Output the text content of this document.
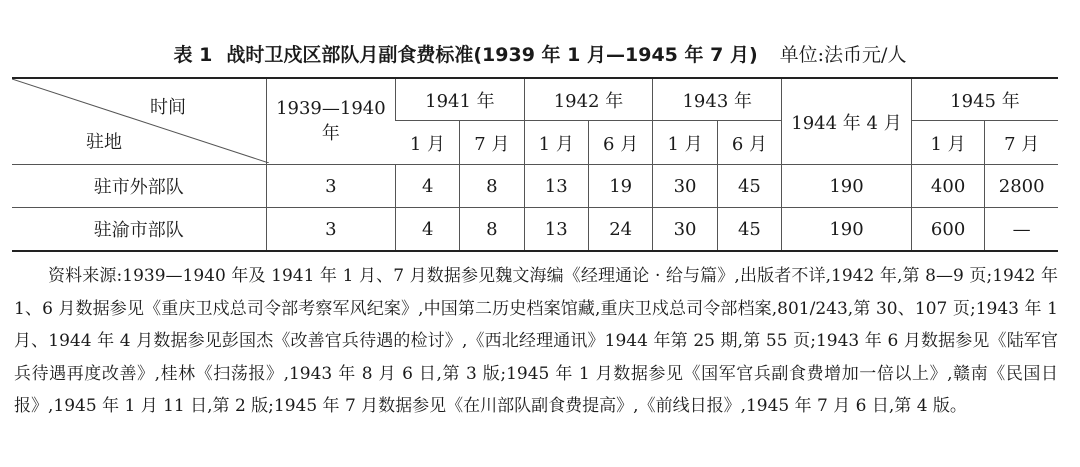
表 1 战时卫戍区部队月副食费标准(1939 年 1 月—1945 年 7 月) 单位:法币元/人
时间
驻地	1939—1940 年	1941 年		1942 年		1943 年		1944 年 4 月	1945 年	
		1 月	7 月	1 月	6 月	1 月	6 月		1 月	7 月
驻市外部队	3	4	8	13	19	30	45	190	400	2800
驻渝市部队	3	4	8	13	24	30	45	190	600	—
资料来源:1939—1940 年及 1941 年 1 月、7 月数据参见魏文海编《经理通论 · 给与篇》,出版者不详,1942 年,第 8—9 页;1942 年 1、6 月数据参见《重庆卫戍总司令部考察军风纪案》,中国第二历史档案馆藏,重庆卫戍总司令部档案,801/243,第 30、107 页;1943 年 1 月、1944 年 4 月数据参见彭国杰《改善官兵待遇的检讨》,《西北经理通讯》1944 年第 25 期,第 55 页;1943 年 6 月数据参见《陆军官兵待遇再度改善》,桂林《扫荡报》,1943 年 8 月 6 日,第 3 版;1945 年 1 月数据参见《国军官兵副食费增加一倍以上》,赣南《民国日报》,1945 年 1 月 11 日,第 2 版;1945 年 7 月数据参见《在川部队副食费提高》,《前线日报》,1945 年 7 月 6 日,第 4 版。
